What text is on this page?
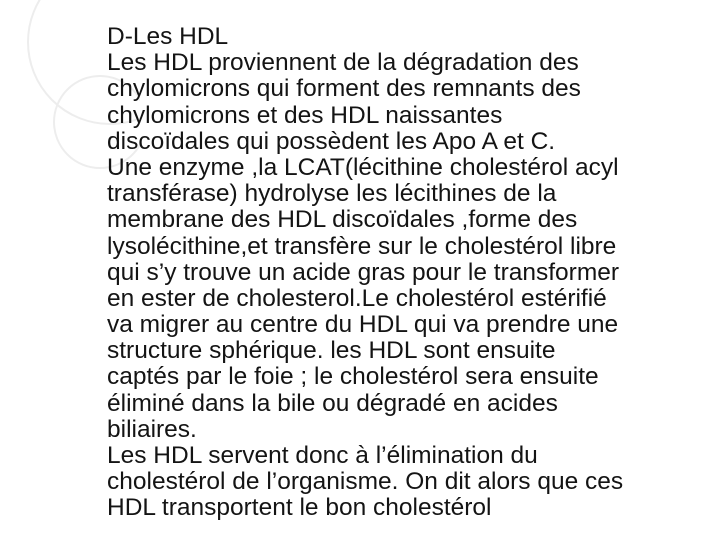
D-Les HDL
Les HDL proviennent de la dégradation des
chylomicrons qui forment des remnants des
chylomicrons et des HDL naissantes
discoïdales qui possèdent les Apo A et C.
Une enzyme ,la LCAT(lécithine cholestérol acyl
transférase) hydrolyse les lécithines de la
membrane des HDL discoïdales ,forme des
lysolécithine,et transfère sur le cholestérol libre
qui s’y trouve un acide gras pour le transformer
en ester de cholesterol.Le cholestérol estérifié
va migrer au centre du HDL qui va prendre une
structure sphérique. les HDL sont ensuite
captés par le foie ; le cholestérol sera ensuite
éliminé dans la bile ou dégradé en acides
biliaires.
Les HDL servent donc à l’élimination du
cholestérol de l’organisme. On dit alors que ces
HDL transportent le bon cholestérol
